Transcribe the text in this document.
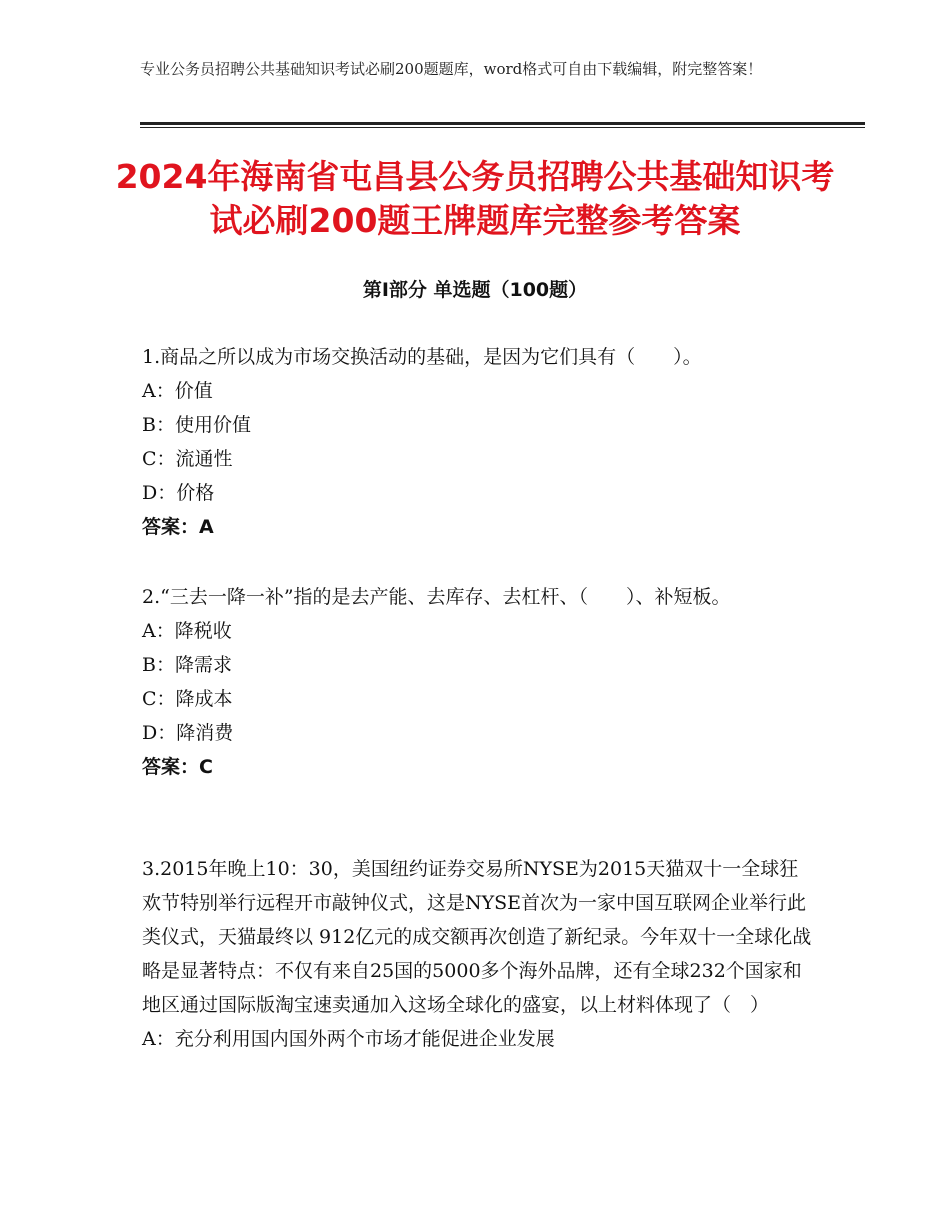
专业公务员招聘公共基础知识考试必刷200题题库，word格式可自由下载编辑，附完整答案！
2024年海南省屯昌县公务员招聘公共基础知识考试必刷200题王牌题库完整参考答案
第Ⅰ部分 单选题（100题）

1.商品之所以成为市场交换活动的基础，是因为它们具有（　　）。

A：价值

B：使用价值

C：流通性

D：价格

答案：A

2.“三去一降一补”指的是去产能、去库存、去杠杆、（　　）、补短板。

A：降税收

B：降需求

C：降成本

D：降消费

答案：C

3.2015年晚上10：30，美国纽约证券交易所NYSE为2015天猫双十一全球狂欢节特别举行远程开市敲钟仪式，这是NYSE首次为一家中国互联网企业举行此类仪式，天猫最终以 912亿元的成交额再次创造了新纪录。今年双十一全球化战略是显著特点：不仅有来自25国的5000多个海外品牌，还有全球232个国家和地区通过国际版淘宝速卖通加入这场全球化的盛宴，以上材料体现了（　）

A：充分利用国内国外两个市场才能促进企业发展
